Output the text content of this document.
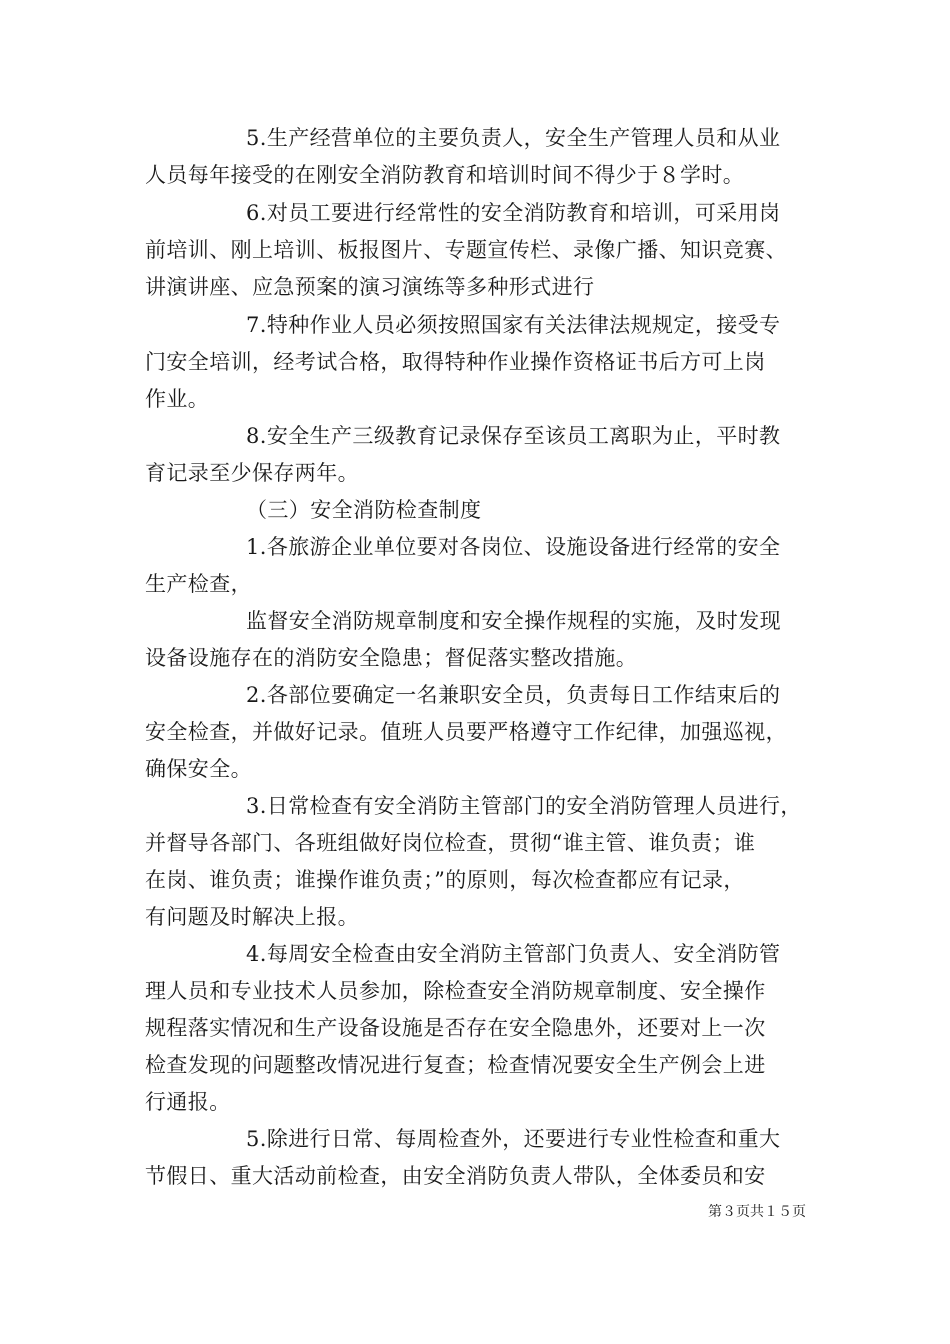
5.生产经营单位的主要负责人，安全生产管理人员和从业
人员每年接受的在刚安全消防教育和培训时间不得少于８学时。
6.对员工要进行经常性的安全消防教育和培训，可采用岗
前培训、刚上培训、板报图片、专题宣传栏、录像广播、知识竞赛、
讲演讲座、应急预案的演习演练等多种形式进行
7.特种作业人员必须按照国家有关法律法规规定，接受专
门安全培训，经考试合格，取得特种作业操作资格证书后方可上岗
作业。
8.安全生产三级教育记录保存至该员工离职为止，平时教
育记录至少保存两年。
（三）安全消防检查制度
1.各旅游企业单位要对各岗位、设施设备进行经常的安全
生产检查，
监督安全消防规章制度和安全操作规程的实施，及时发现
设备设施存在的消防安全隐患；督促落实整改措施。
2.各部位要确定一名兼职安全员，负责每日工作结束后的
安全检查，并做好记录。值班人员要严格遵守工作纪律，加强巡视，
确保安全。
3.日常检查有安全消防主管部门的安全消防管理人员进行，
并督导各部门、各班组做好岗位检查，贯彻“谁主管、谁负责；谁
在岗、谁负责；谁操作谁负责；”的原则，每次检查都应有记录，
有问题及时解决上报。
4.每周安全检查由安全消防主管部门负责人、安全消防管
理人员和专业技术人员参加，除检查安全消防规章制度、安全操作
规程落实情况和生产设备设施是否存在安全隐患外，还要对上一次
检查发现的问题整改情况进行复查；检查情况要安全生产例会上进
行通报。
5.除进行日常、每周检查外，还要进行专业性检查和重大
节假日、重大活动前检查，由安全消防负责人带队，全体委员和安
第３页共１５页
